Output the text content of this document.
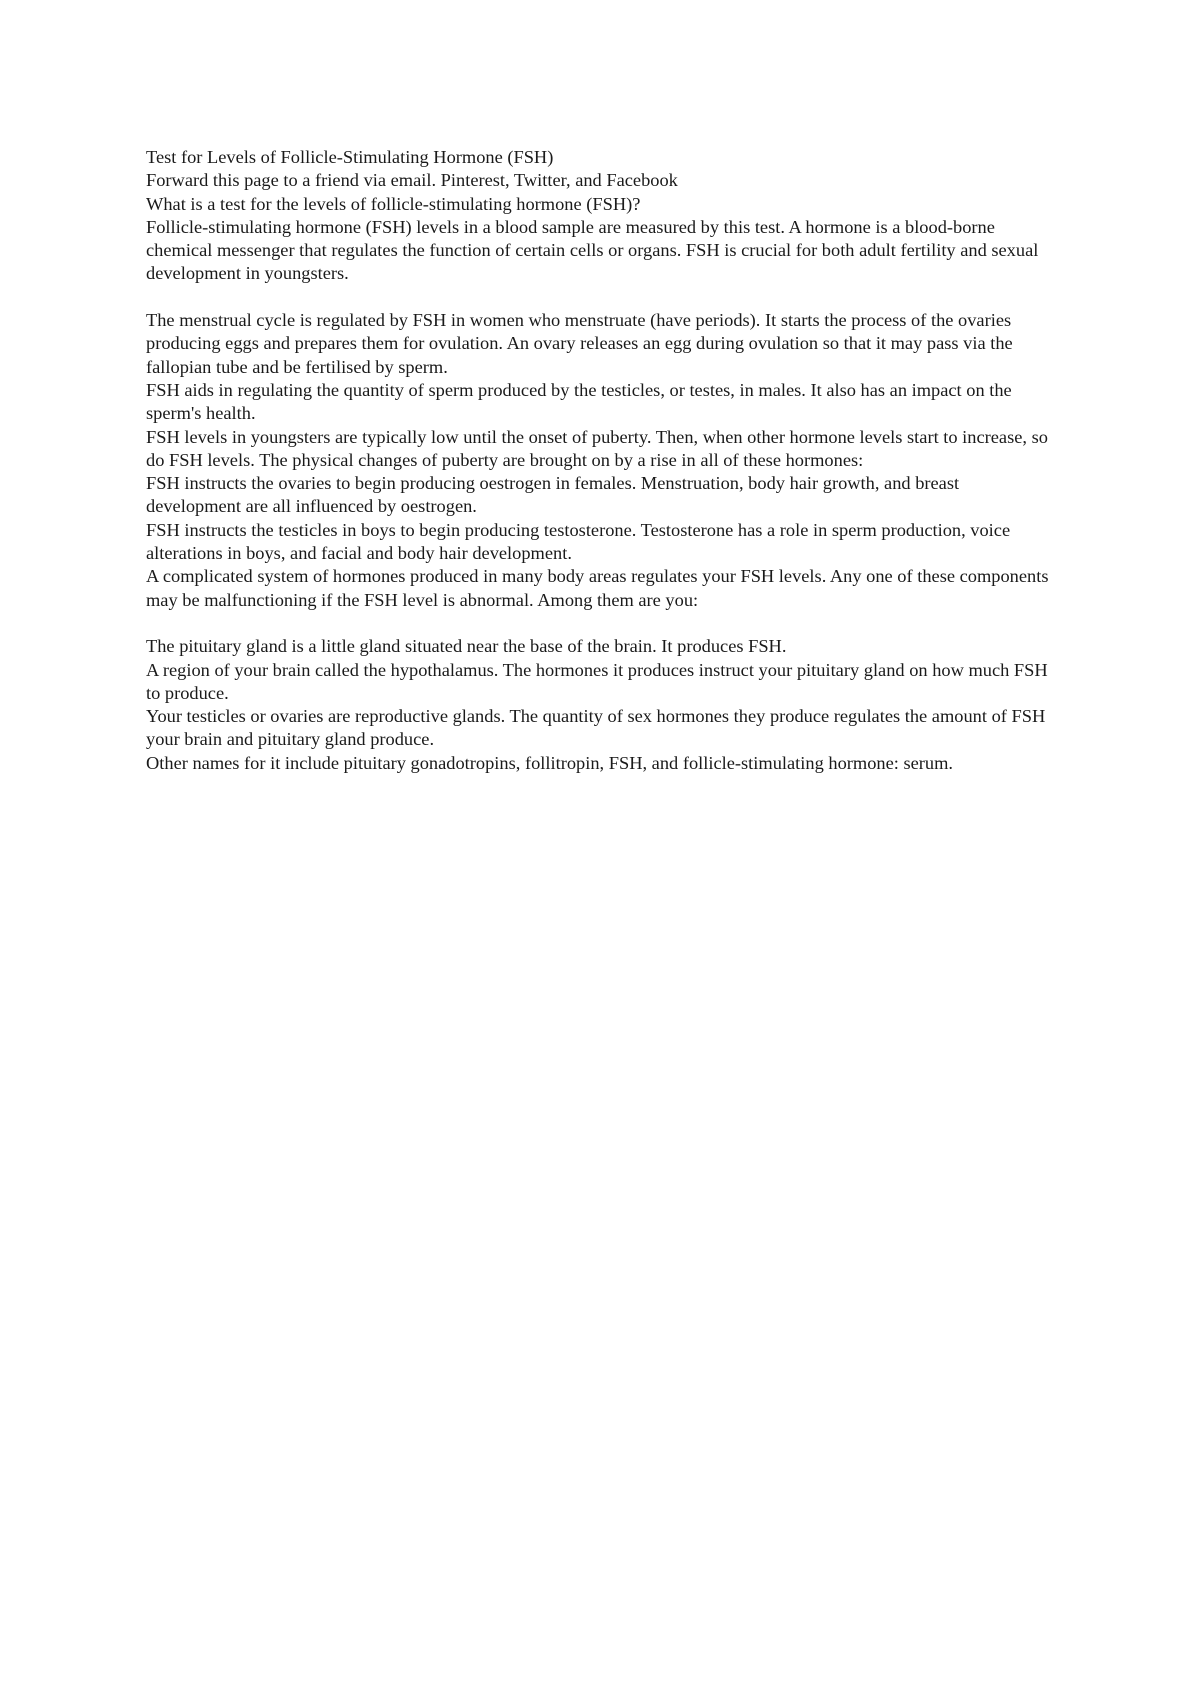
Test for Levels of Follicle-Stimulating Hormone (FSH)

Forward this page to a friend via email. Pinterest, Twitter, and Facebook

What is a test for the levels of follicle-stimulating hormone (FSH)?

Follicle-stimulating hormone (FSH) levels in a blood sample are measured by this test. A hormone is a blood-borne chemical messenger that regulates the function of certain cells or organs. FSH is crucial for both adult fertility and sexual development in youngsters.

The menstrual cycle is regulated by FSH in women who menstruate (have periods). It starts the process of the ovaries producing eggs and prepares them for ovulation. An ovary releases an egg during ovulation so that it may pass via the fallopian tube and be fertilised by sperm.

FSH aids in regulating the quantity of sperm produced by the testicles, or testes, in males. It also has an impact on the sperm's health.

FSH levels in youngsters are typically low until the onset of puberty. Then, when other hormone levels start to increase, so do FSH levels. The physical changes of puberty are brought on by a rise in all of these hormones:

FSH instructs the ovaries to begin producing oestrogen in females. Menstruation, body hair growth, and breast development are all influenced by oestrogen.

FSH instructs the testicles in boys to begin producing testosterone. Testosterone has a role in sperm production, voice alterations in boys, and facial and body hair development.

A complicated system of hormones produced in many body areas regulates your FSH levels. Any one of these components may be malfunctioning if the FSH level is abnormal. Among them are you:

The pituitary gland is a little gland situated near the base of the brain. It produces FSH.

A region of your brain called the hypothalamus. The hormones it produces instruct your pituitary gland on how much FSH to produce.

Your testicles or ovaries are reproductive glands. The quantity of sex hormones they produce regulates the amount of FSH your brain and pituitary gland produce.

Other names for it include pituitary gonadotropins, follitropin, FSH, and follicle-stimulating hormone: serum.
